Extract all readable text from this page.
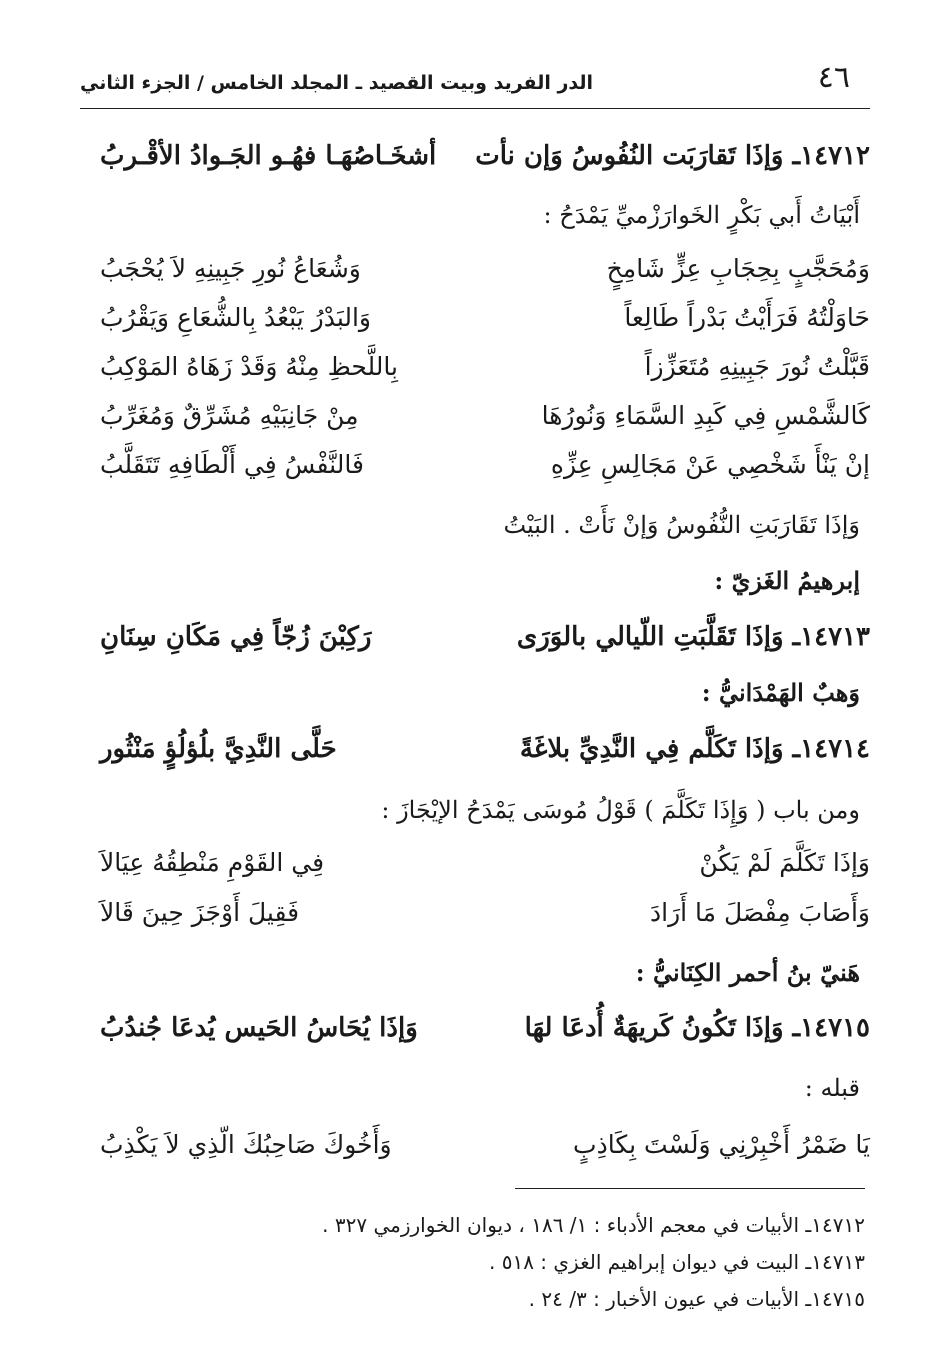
الدر الفريد وبيت القصيد ـ المجلد الخامس / الجزء الثاني	٤٦
١٤٧١٢ـ وَإذَا تَقارَبَت النُفُوسُ وَإن نأت
أشخَـاصُهَـا فهُـو الجَـوادُ الأقْـربُ
أَبْيَاتُ أَبي بَكْرٍ الخَوارَزْميِّ يَمْدَحُ :
وَمُحَجَّبٍ بِحِجَابِ عِزٍّ شَامِخٍ
وَشُعَاعُ نُورِ جَبِينِهِ لاَ يُحْجَبُ
حَاوَلْتُهُ فَرَأَيْتُ بَدْراً طَالِعاً
وَالبَدْرُ يَبْعُدُ بِالشُّعَاعِ وَيَقْرُبُ
قَبَّلْتُ نُورَ جَبِينِهِ مُتَعَزِّزاً
بِاللَّحظِ مِنْهُ وَقَدْ زَهَاهُ المَوْكِبُ
كَالشَّمْسِ فِي كَبِدِ السَّمَاءِ وَنُورُهَا
مِنْ جَانِبَيْهِ مُشَرِّقٌ وَمُغَرِّبُ
إنْ يَنْأَ شَخْصِي عَنْ مَجَالِسِ عِزِّهِ
فَالنَّفْسُ فِي أَلْطَافِهِ تَتَقَلَّبُ
وَإذَا تَقَارَبَتِ النُّفُوسُ وَإنْ نَأَتْ . البَيْتُ
إبرهيمُ الغَزيّ :
١٤٧١٣ـ وَإذَا تَقَلَّبَتِ اللّيالي بالوَرَى
رَكِبْنَ زُجّاً فِي مَكَانِ سِنَانِ
وَهبٌ الهَمْدَانيُّ :
١٤٧١٤ـ وَإذَا تَكَلَّم فِي النَّدِيِّ بلاغَةً
حَلَّى النَّدِيَّ بلُؤلُؤٍ مَنْثُور
ومن باب ( وَإِذَا تَكَلَّمَ ) قَوْلُ مُوسَى يَمْدَحُ الإيْجَازَ :
وَإذَا تَكَلَّمَ لَمْ يَكُنْ
فِي القَوْمِ مَنْطِقُهُ عِيَالاَ
وَأَصَابَ مِفْصَلَ مَا أَرَادَ
فَقِيلَ أَوْجَزَ حِينَ قَالاَ
هَنيّ بنُ أحمر الكِنَانيُّ :
١٤٧١٥ـ وَإذَا تَكُونُ كَريهَةٌ أُدعَا لهَا
وَإذَا يُحَاسُ الحَيس يُدعَا جُندُبُ
قبله :
يَا ضَمْرُ أَخْبِرْنِي وَلَسْتَ بِكَاذِبٍ
وَأَخُوكَ صَاحِبُكَ الّذِي لاَ يَكْذِبُ
١٤٧١٢ـ الأبيات في معجم الأدباء : ١/ ١٨٦ ، ديوان الخوارزمي ٣٢٧ .
١٤٧١٣ـ البيت في ديوان إبراهيم الغزي : ٥١٨ .
١٤٧١٥ـ الأبيات في عيون الأخبار : ٣/ ٢٤ .
